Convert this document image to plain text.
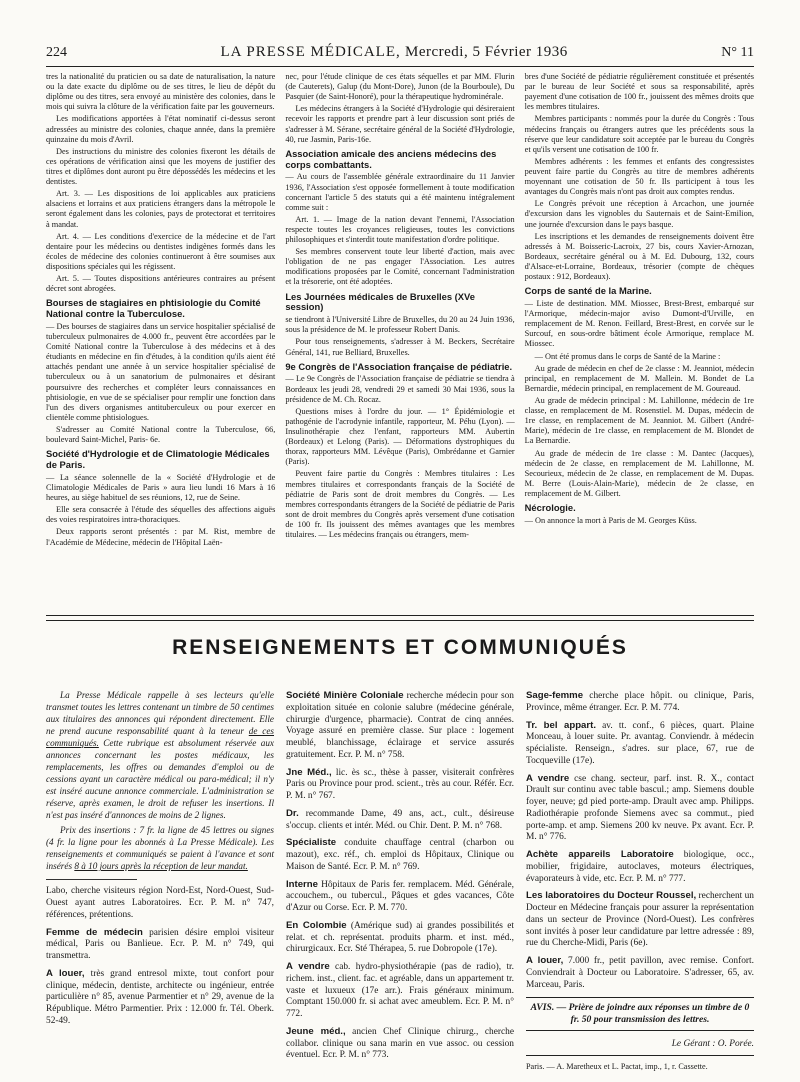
224	LA PRESSE MÉDICALE, Mercredi, 5 Février 1936	N° 11

tres la nationalité du praticien ou sa date de naturalisation, la nature ou la date exacte du diplôme ou de ses titres, le lieu de dépôt du diplôme ou des titres, sera envoyé au ministère des colonies, dans le mois qui suivra la clôture de la vérification faite par les gouverneurs.

Les modifications apportées à l'état nominatif ci-dessus seront adressées au ministre des colonies, chaque année, dans la première quinzaine du mois d'Avril.

Des instructions du ministre des colonies fixeront les détails de ces opérations de vérification ainsi que les moyens de justifier des titres et diplômes dont auront pu être dépossédés les médecins et les dentistes.

Art. 3. — Les dispositions de loi applicables aux praticiens alsaciens et lorrains et aux praticiens étrangers dans la métropole le seront également dans les colonies, pays de protectorat et territoires à mandat.

Art. 4. — Les conditions d'exercice de la médecine et de l'art dentaire pour les médecins ou dentistes indigènes formés dans les écoles de médecine des colonies continueront à être soumises aux dispositions spéciales qui les régissent.

Art. 5. — Toutes dispositions antérieures contraires au présent décret sont abrogées.

Bourses de stagiaires en phtisiologie du Comité National contre la Tuberculose.

— Des bourses de stagiaires dans un service hospitalier spécialisé de tuberculeux pulmonaires de 4.000 fr., peuvent être accordées par le Comité National contre la Tuberculose à des médecins et à des étudiants en médecine en fin d'études, à la condition qu'ils aient été attachés pendant une année à un service hospitalier spécialisé de tuberculeux ou à un sanatorium de pulmonaires et désirant poursuivre des recherches et compléter leurs connaissances en phtisiologie, en vue de se spécialiser pour remplir une fonction dans l'un des divers organismes antituberculeux ou pour exercer en clientèle comme phtisiologues.

S'adresser au Comité National contre la Tuberculose, 66, boulevard Saint-Michel, Paris- 6e.

Société d'Hydrologie et de Climatologie Médicales de Paris.

— La séance solennelle de la « Société d'Hydrologie et de Climatologie Médicales de Paris » aura lieu lundi 16 Mars à 16 heures, au siège habituel de ses réunions, 12, rue de Seine.

Elle sera consacrée à l'étude des séquelles des affections aiguës des voies respiratoires intra-thoraciques.

Deux rapports seront présentés : par M. Rist, membre de l'Académie de Médecine, médecin de l'Hôpital Laën-

nec, pour l'étude clinique de ces états séquelles et par MM. Flurin (de Cauterets), Galup (du Mont-Dore), Junon (de la Bourboule), Du Pasquier (de Saint-Honoré), pour la thérapeutique hydrominérale.

Les médecins étrangers à la Société d'Hydrologie qui désireraient recevoir les rapports et prendre part à leur discussion sont priés de s'adresser à M. Sérane, secrétaire général de la Société d'Hydrologie, 40, rue Jasmin, Paris-16e.

Association amicale des anciens médecins des corps combattants.

— Au cours de l'assemblée générale extraordinaire du 11 Janvier 1936, l'Association s'est opposée formellement à toute modification concernant l'article 5 des statuts qui a été maintenu intégralement comme suit :

Art. 1. — Image de la nation devant l'ennemi, l'Association respecte toutes les croyances religieuses, toutes les convictions philosophiques et s'interdit toute manifestation d'ordre politique.

Ses membres conservent toute leur liberté d'action, mais avec l'obligation de ne pas engager l'Association. Les autres modifications proposées par le Comité, concernant l'administration et la trésorerie, ont été adoptées.

Les Journées médicales de Bruxelles (XVe session)

se tiendront à l'Université Libre de Bruxelles, du 20 au 24 Juin 1936, sous la présidence de M. le professeur Robert Danis.

Pour tous renseignements, s'adresser à M. Beckers, Secrétaire Général, 141, rue Belliard, Bruxelles.

9e Congrès de l'Association française de pédiatrie.

— Le 9e Congrès de l'Association française de pédiatrie se tiendra à Bordeaux les jeudi 28, vendredi 29 et samedi 30 Mai 1936, sous la présidence de M. Ch. Rocaz.

Questions mises à l'ordre du jour. — 1° Épidémiologie et pathogénie de l'acrodynie infantile, rapporteur, M. Péhu (Lyon). — Insulinothérapie chez l'enfant, rapporteurs MM. Aubertin (Bordeaux) et Lelong (Paris). — Déformations dystrophiques du thorax, rapporteurs MM. Lévêque (Paris), Ombrédanne et Garnier (Paris).

Peuvent faire partie du Congrès : Membres titulaires : Les membres titulaires et correspondants français de la Société de pédiatrie de Paris sont de droit membres du Congrès. — Les membres correspondants étrangers de la Société de pédiatrie de Paris sont de droit membres du Congrès après versement d'une cotisation de 100 fr. Ils jouissent des mêmes avantages que les membres titulaires. — Les médecins français ou étrangers, mem-

bres d'une Société de pédiatrie régulièrement constituée et présentés par le bureau de leur Société et sous sa responsabilité, après payement d'une cotisation de 100 fr., jouissent des mêmes droits que les membres titulaires.

Membres participants : nommés pour la durée du Congrès : Tous médecins français ou étrangers autres que les précédents sous la réserve que leur candidature soit acceptée par le bureau du Congrès et qu'ils versent une cotisation de 100 fr.

Membres adhérents : les femmes et enfants des congressistes peuvent faire partie du Congrès au titre de membres adhérents moyennant une cotisation de 50 fr. Ils participent à tous les avantages du Congrès mais n'ont pas droit aux comptes rendus.

Le Congrès prévoit une réception à Arcachon, une journée d'excursion dans les vignobles du Sauternais et de Saint-Emilion, une journée d'excursion dans le pays basque.

Les inscriptions et les demandes de renseignements doivent être adressés à M. Boisseric-Lacroix, 27 bis, cours Xavier-Arnozan, Bordeaux, secrétaire général ou à M. Ed. Dubourg, 132, cours d'Alsace-et-Lorraine, Bordeaux, trésorier (compte de chèques postaux : 912, Bordeaux).

Corps de santé de la Marine.

— Liste de destination. MM. Miossec, Brest-Brest, embarqué sur l'Armorique, médecin-major aviso Dumont-d'Urville, en remplacement de M. Renon. Feillard, Brest-Brest, en corvée sur le Surcouf, en sous-ordre bâtiment école Armorique, remplace M. Miossec.

— Ont été promus dans le corps de Santé de la Marine :

Au grade de médecin en chef de 2e classe : M. Jeanniot, médecin principal, en remplacement de M. Mallein. M. Bondet de La Bernardie, médecin principal, en remplacement de M. Goureaud.

Au grade de médecin principal : M. Lahillonne, médecin de 1re classe, en remplacement de M. Rosenstiel. M. Dupas, médecin de 1re classe, en remplacement de M. Jeanniot. M. Gilbert (André-Marie), médecin de 1re classe, en remplacement de M. Blondet de La Bernardie.

Au grade de médecin de 1re classe : M. Dantec (Jacques), médecin de 2e classe, en remplacement de M. Lahillonne, M. Secourieux, médecin de 2e classe, en remplacement de M. Dupas. M. Berre (Louis-Alain-Marie), médecin de 2e classe, en remplacement de M. Gilbert.

Nécrologie.

— On annonce la mort à Paris de M. Georges Küss.

RENSEIGNEMENTS ET COMMUNIQUÉS

La Presse Médicale rappelle à ses lecteurs qu'elle transmet toutes les lettres contenant un timbre de 50 centimes aux titulaires des annonces qui répondent directement. Elle ne prend aucune responsabilité quant à la teneur de ces communiqués. Cette rubrique est absolument réservée aux annonces concernant les postes médicaux, les remplacements, les offres ou demandes d'emploi ou de cessions ayant un caractère médical ou para-médical; il n'y est inséré aucune annonce commerciale. L'administration se réserve, après examen, le droit de refuser les insertions. Il n'est pas inséré d'annonces de moins de 2 lignes.

Prix des insertions : 7 fr. la ligne de 45 lettres ou signes (4 fr. la ligne pour les abonnés à La Presse Médicale). Les renseignements et communiqués se paient à l'avance et sont insérés 8 à 10 jours après la réception de leur mandat.

Labo, cherche visiteurs région Nord-Est, Nord-Ouest, Sud-Ouest ayant autres Laboratoires. Ecr. P. M. n° 747, références, prétentions.

Femme de médecin parisien désire emploi visiteur médical, Paris ou Banlieue. Ecr. P. M. n° 749, qui transmettra.

A louer, très grand entresol mixte, tout confort pour clinique, médecin, dentiste, architecte ou ingénieur, entrée particulière n° 85, avenue Parmentier et n° 29, avenue de la République. Métro Parmentier. Prix : 12.000 fr. Tél. Oberk. 52-49.

Société Minière Coloniale recherche médecin pour son exploitation située en colonie salubre (médecine générale, chirurgie d'urgence, pharmacie). Contrat de cinq années. Voyage assuré en première classe. Sur place : logement meublé, blanchissage, éclairage et service assurés gratuitement. Ecr. P. M. n° 758.

Jne Méd., lic. ès sc., thèse à passer, visiterait confrères Paris ou Province pour prod. scient., très au cour. Référ. Ecr. P. M. n° 767.

Dr. recommande Dame, 49 ans, act., cult., désireuse s'occup. clients et intér. Méd. ou Chir. Dent. P. M. n° 768.

Spécialiste conduite chauffage central (charbon ou mazout), exc. réf., ch. emploi ds Hôpitaux, Clinique ou Maison de Santé. Ecr. P. M. n° 769.

Interne Hôpitaux de Paris fer. remplacem. Méd. Générale, accouchem., ou tubercul., Pâques et gdes vacances, Côte d'Azur ou Corse. Ecr. P. M. 770.

En Colombie (Amérique sud) ai grandes possibilités et relat. et ch. représentat. produits pharm. et inst. méd., chirurgicaux. Ecr. Sté Thérapea, 5. rue Dobropole (17e).

A vendre cab. hydro-physiothérapie (pas de radio), tr. richem. inst., client. fac. et agréable, dans un appartement tr. vaste et luxueux (17e arr.). Frais généraux minimum. Comptant 150.000 fr. si achat avec ameublem. Ecr. P. M. n° 772.

Jeune méd., ancien Chef Clinique chirurg., cherche collabor. clinique ou sana marin en vue assoc. ou cession éventuel. Ecr. P. M. n° 773.

Sage-femme cherche place hôpit. ou clinique, Paris, Province, même étranger. Ecr. P. M. 774.

Tr. bel appart. av. tt. conf., 6 pièces, quart. Plaine Monceau, à louer suite. Pr. avantag. Conviendr. à médecin spécialiste. Renseign., s'adres. sur place, 67, rue de Tocqueville (17e).

A vendre cse chang. secteur, parf. inst. R. X., contact Drault sur continu avec table bascul.; amp. Siemens double foyer, neuve; gd pied porte-amp. Drault avec amp. Philipps. Radiothérapie profonde Siemens avec sa commut., pied porte-amp. et amp. Siemens 200 kv neuve. Px avant. Ecr. P. M. n° 776.

Achète appareils Laboratoire biologique, occ., mobilier, frigidaire, autoclaves, moteurs électriques, évaporateurs à vide, etc. Ecr. P. M. n° 777.

Les laboratoires du Docteur Roussel, recherchent un Docteur en Médecine français pour assurer la représentation dans un secteur de Province (Nord-Ouest). Les confrères sont invités à poser leur candidature par lettre adressée : 89, rue du Cherche-Midi, Paris (6e).

A louer, 7.000 fr., petit pavillon, avec remise. Confort. Conviendrait à Docteur ou Laboratoire. S'adresser, 65, av. Marceau, Paris.

AVIS. — Prière de joindre aux réponses un timbre de 0 fr. 50 pour transmission des lettres.
Le Gérant : O. Porée.
Paris. — A. Maretheux et L. Pactat, imp., 1, r. Cassette.
